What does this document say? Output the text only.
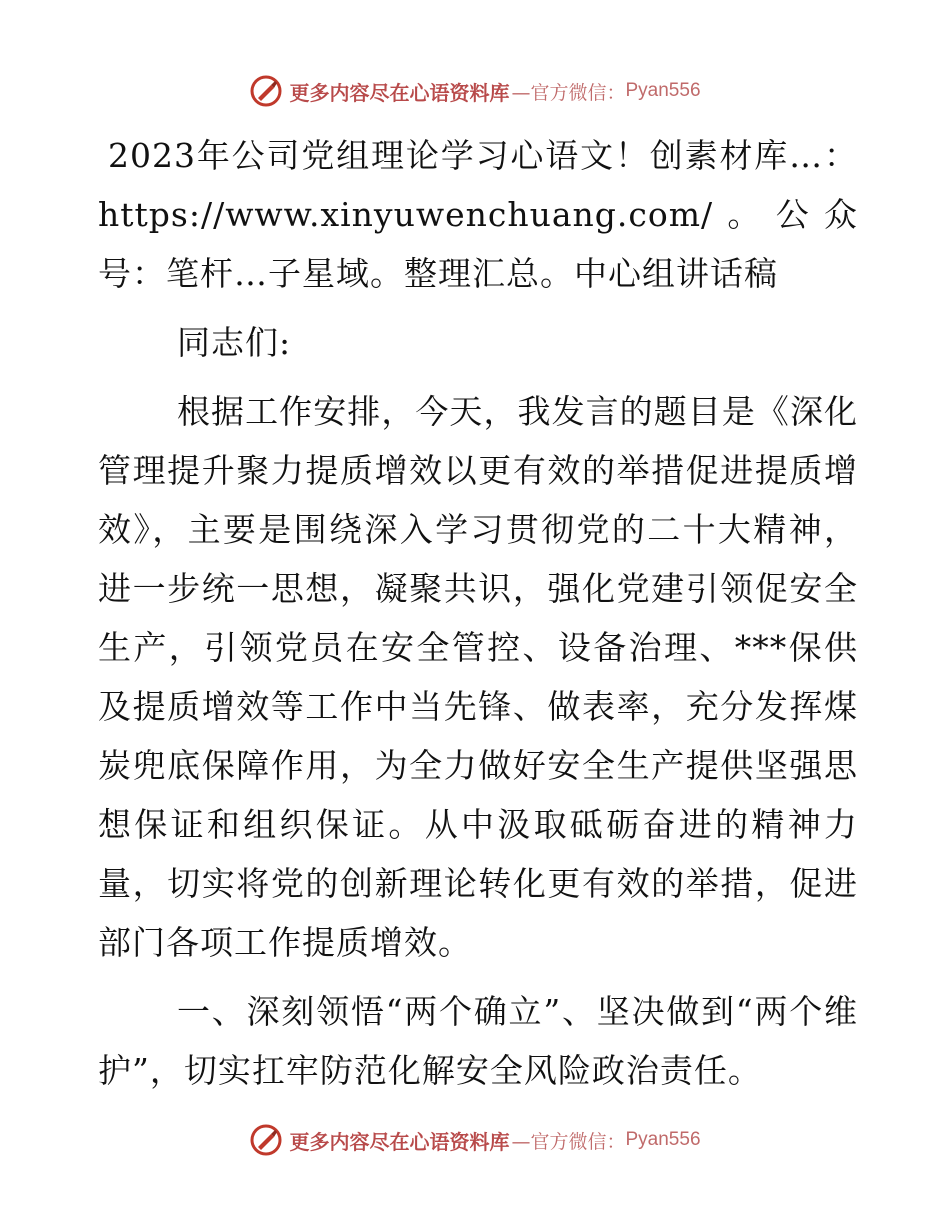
更多内容尽在心语资料库 —官方微信： Pyan556

2023年公司党组理论学习心语文！创素材库…：https://www.xinyuwenchuang.com/。公众号：笔杆…子星域。整理汇总。中心组讲话稿

同志们:

根据工作安排，今天，我发言的题目是《深化管理提升聚力提质增效以更有效的举措促进提质增效》，主要是围绕深入学习贯彻党的二十大精神，进一步统一思想，凝聚共识，强化党建引领促安全生产，引领党员在安全管控、设备治理、***保供及提质增效等工作中当先锋、做表率，充分发挥煤炭兜底保障作用，为全力做好安全生产提供坚强思想保证和组织保证。从中汲取砥砺奋进的精神力量，切实将党的创新理论转化更有效的举措，促进部门各项工作提质增效。

一、深刻领悟“两个确立”、坚决做到“两个维护”，切实扛牢防范化解安全风险政治责任。

更多内容尽在心语资料库 —官方微信： Pyan556
